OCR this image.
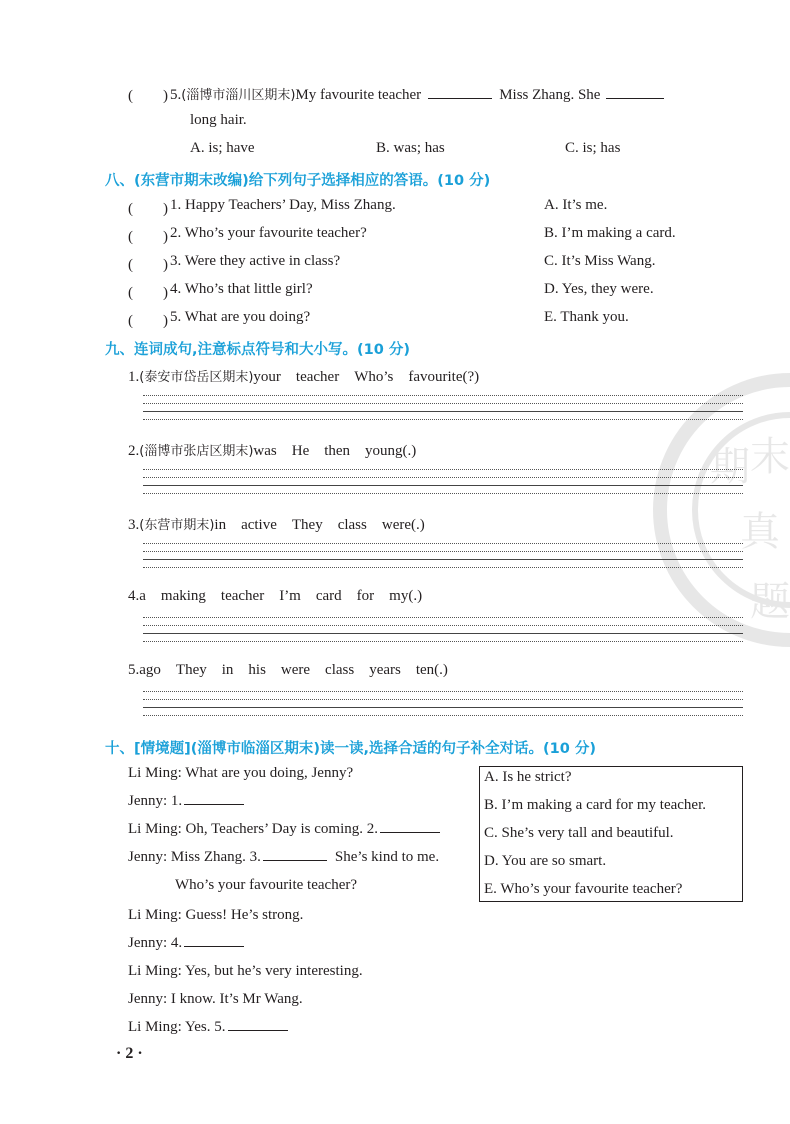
期 末
真
题
(　　) 5.(淄博市淄川区期末)My favourite teacher	Miss Zhang. She
long hair.
A. is; have	B. was; has	C. is; has
八、(东营市期末改编)给下列句子选择相应的答语。(10 分)
(　　) 1. Happy Teachers’ Day, Miss Zhang.	A. It’s me.
(　　) 2. Who’s your favourite teacher?	B. I’m making a card.
(　　) 3. Were they active in class?	C. It’s Miss Wang.
(　　) 4. Who’s that little girl?	D. Yes, they were.
(　　) 5. What are you doing?	E. Thank you.
九、连词成句,注意标点符号和大小写。(10 分)
1.(泰安市岱岳区期末)your teacher Who’s favourite(?)
2.(淄博市张店区期末)was He then young(.)
3.(东营市期末)in active They class were(.)
4.a making teacher I’m card for my(.)
5.ago They in his were class years ten(.)
十、[情境题](淄博市临淄区期末)读一读,选择合适的句子补全对话。(10 分)
Li Ming: What are you doing, Jenny?
Jenny: 1.
Li Ming: Oh, Teachers’ Day is coming. 2.
Jenny: Miss Zhang. 3.	She’s kind to me.
Who’s your favourite teacher?
Li Ming: Guess! He’s strong.
Jenny: 4.
Li Ming: Yes, but he’s very interesting.
Jenny: I know. It’s Mr Wang.
Li Ming: Yes. 5.
A. Is he strict?
B. I’m making a card for my teacher.
C. She’s very tall and beautiful.
D. You are so smart.
E. Who’s your favourite teacher?
· 2 ·
